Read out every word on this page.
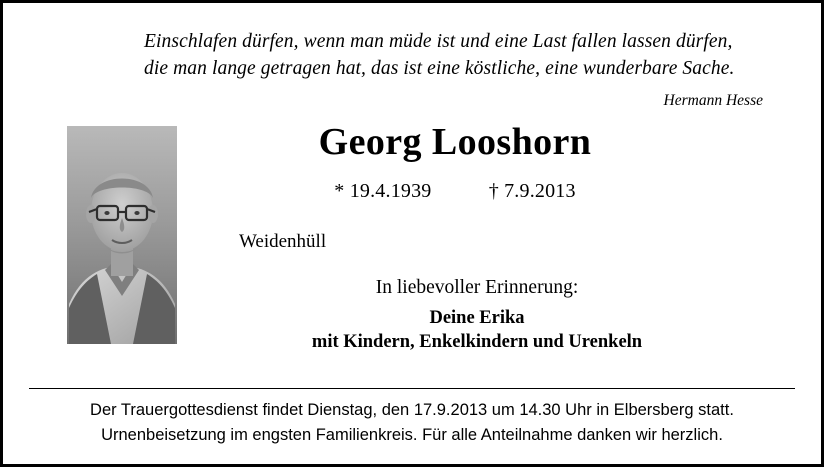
Einschlafen dürfen, wenn man müde ist und eine Last fallen lassen dürfen,
die man lange getragen hat, das ist eine köstliche, eine wunderbare Sache.
Hermann Hesse
Georg Looshorn
* 19.4.1939	† 7.9.2013
Weidenhüll
In liebevoller Erinnerung:
Deine Erika
mit Kindern, Enkelkindern und Urenkeln
Der Trauergottesdienst findet Dienstag, den 17.9.2013 um 14.30 Uhr in Elbersberg statt.
Urnenbeisetzung im engsten Familienkreis. Für alle Anteilnahme danken wir herzlich.
